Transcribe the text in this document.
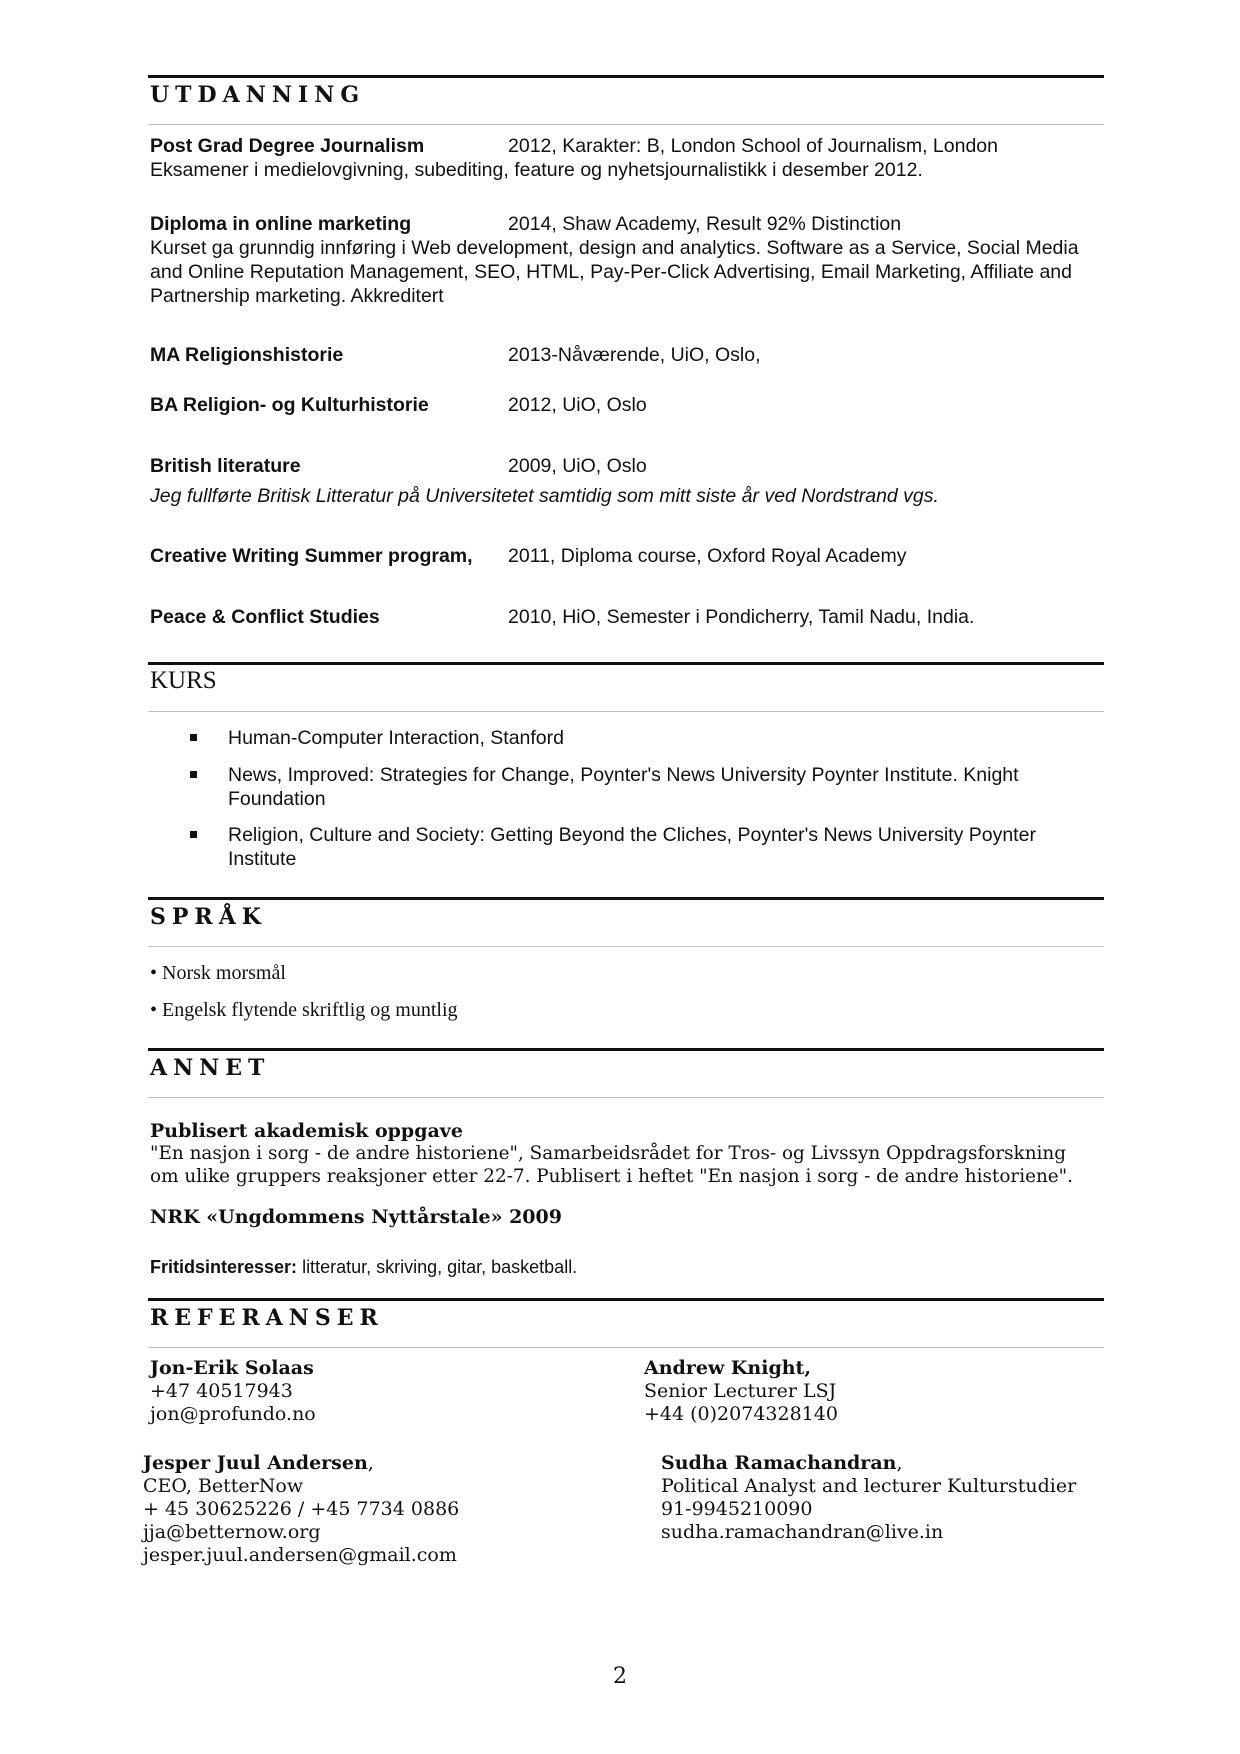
UTDANNING
Post Grad Degree Journalism	2012, Karakter: B, London School of Journalism, London
Eksamener i medielovgivning, subediting, feature og nyhetsjournalistikk i desember 2012.
Diploma in online marketing	2014, Shaw Academy, Result 92% Distinction
Kurset ga grunndig innføring i Web development, design and analytics. Software as a Service, Social Media and Online Reputation Management, SEO, HTML, Pay-Per-Click Advertising, Email Marketing, Affiliate and Partnership marketing. Akkreditert
MA Religionshistorie	2013-Nåværende, UiO, Oslo,
BA Religion- og Kulturhistorie	2012, UiO, Oslo
British literature	2009, UiO, Oslo
Jeg fullførte Britisk Litteratur på Universitetet samtidig som mitt siste år ved Nordstrand vgs.
Creative Writing Summer program, 2011, Diploma course, Oxford Royal Academy
Peace & Conflict Studies	2010, HiO, Semester i Pondicherry, Tamil Nadu, India.
KURS
Human-Computer Interaction, Stanford
News, Improved: Strategies for Change, Poynter's News University Poynter Institute. Knight Foundation
Religion, Culture and Society: Getting Beyond the Cliches, Poynter's News University Poynter Institute
SPRÅK
• Norsk morsmål
• Engelsk flytende skriftlig og muntlig
ANNET
Publisert akademisk oppgave
"En nasjon i sorg - de andre historiene", Samarbeidsrådet for Tros- og Livssyn Oppdragsforskning om ulike gruppers reaksjoner etter 22-7. Publisert i heftet "En nasjon i sorg - de andre historiene".
NRK «Ungdommens Nyttårstale» 2009
Fritidsinteresser: litteratur, skriving, gitar, basketball.
REFERANSER
Jon-Erik Solaas
+47 40517943
jon@profundo.no
Andrew Knight,
Senior Lecturer LSJ
+44 (0)2074328140
Jesper Juul Andersen,
CEO, BetterNow
+ 45 30625226 / +45 7734 0886
jja@betternow.org
jesper.juul.andersen@gmail.com
Sudha Ramachandran,
Political Analyst and lecturer Kulturstudier
91-9945210090
sudha.ramachandran@live.in
2
